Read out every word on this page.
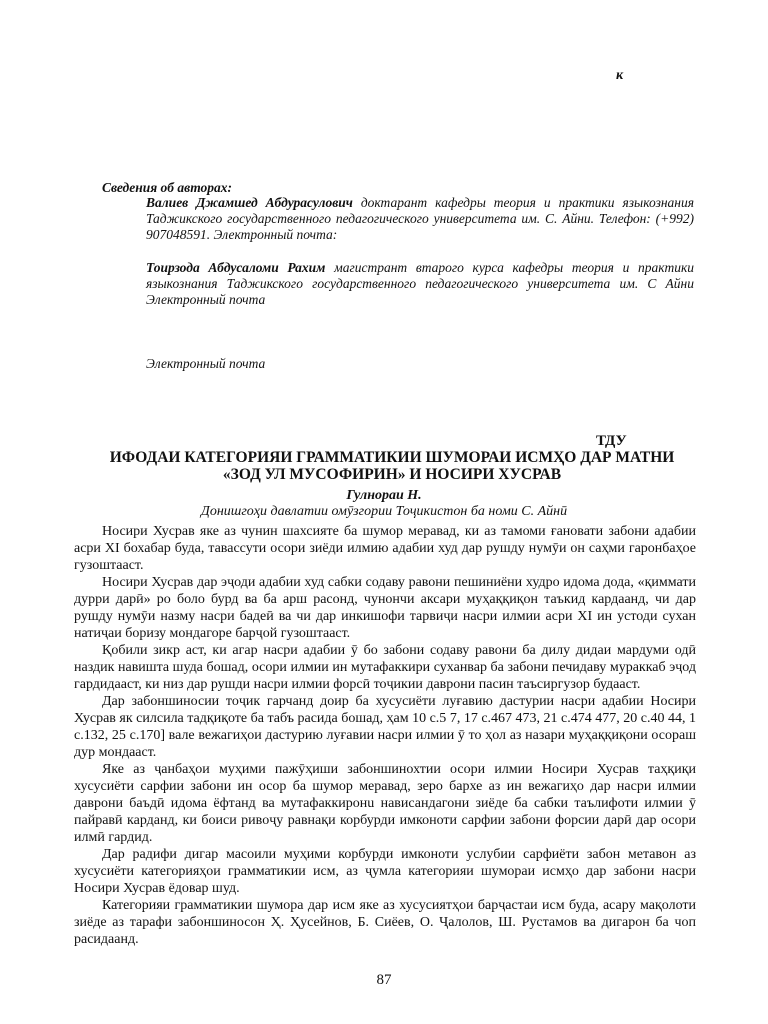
к
Сведения об авторах:
Валиев Джамшед Абдурасулович доктарант кафедры теория и практики языкознания Таджикского государственного педагогического университета им. С. Айни. Телефон: (+992) 907048591. Электронный почта:
Тоирзода Абдусаломи Рахим магистрант втарого курса кафедры теория и практики языкознания Таджикского государственного педагогического университета им. С Айни Электронный почта
Электронный почта
ТДУ
ИФОДАИ КАТЕГОРИЯИ ГРАММАТИКИИ ШУМОРАИ ИСМҲО ДАР МАТНИ «ЗОД УЛ МУСОФИРИН» И НОСИРИ ХУСРАВ
Гулнораи Н.
Донишгоҳи давлатии омӯзгории Тоҷикистон ба номи С. Айнӣ

Носири Хусрав яке аз чунин шахсияте ба шумор меравад, ки аз тамоми ғановати забони адабии асри XI бохабар буда, тавассути осори зиёди илмию адабии худ дар рушду нумӯи он саҳми гаронбаҳое гузоштааст.

Носири Хусрав дар эҷоди адабии худ сабки содаву равони пешиниёни худро идома дода, «қиммати дурри дарӣ» ро боло бурд ва ба арш расонд, чунончи аксари муҳаққиқон таъкид кардаанд, чи дар рушду нумӯи назму насри бадеӣ ва чи дар инкишофи тарвиҷи насри илмии асри XI ин устоди сухан натиҷаи боризу мондагоре барҷой гузоштааст.

Қобили зикр аст, ки агар насри адабии ӯ бо забони содаву равони ба дилу дидаи мардуми одӣ наздик навишта шуда бошад, осори илмии ин мутафаккири суханвар ба забони печидаву мураккаб эҷод гардидааст, ки низ дар рушди насри илмии форсӣ тоҷикии даврони пасин таъсиргузор будааст.

Дар забоншиносии тоҷик гарчанд доир ба хусусиёти луғавию дастурии насри адабии Носири Хусрав як силсила тадқиқоте ба табъ расида бошад, ҳам 10 с.5 7, 17 с.467 473, 21 с.474 477, 20 с.40 44, 1 с.132, 25 с.170] вале вежагиҳои дастурию луғавии насри илмии ӯ то ҳол аз назари муҳаққиқони осораш дур мондааст.

Яке аз ҷанбаҳои муҳими пажӯҳиши забоншинохтии осори илмии Носири Хусрав таҳқиқи хусусиёти сарфии забони ин осор ба шумор меравад, зеро бархе аз ин вежагиҳо дар насри илмии даврони баъдӣ идома ёфтанд ва мутафаккиронu нависандагони зиёде ба сабки таълифоти илмии ӯ пайравӣ карданд, ки боиси ривоҷу равнақи корбурди имконоти сарфии забони форсии дарӣ дар осори илмӣ гардид.

Дар радифи дигар масоили муҳими корбурди имконоти услубии сарфиёти забон метавон аз хусусиёти категорияҳои грамматикии исм, аз ҷумла категорияи шумораи исмҳо дар забони насри Носири Хусрав ёдовар шуд.

Категорияи грамматикии шумора дар исм яке аз хусусиятҳои барҷастаи исм буда, асару мақолоти зиёде аз тарафи забоншиносон Ҳ. Ҳусейнов, Б. Сиёев, О. Ҷалолов, Ш. Рустамов ва дигарон ба чоп расидаанд.

87
